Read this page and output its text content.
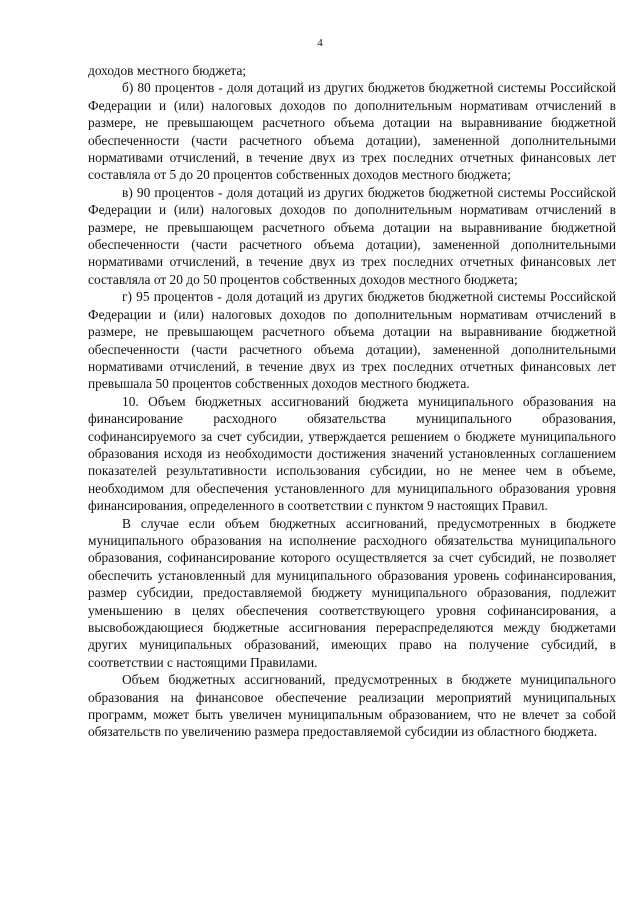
4

доходов местного бюджета;

б) 80 процентов - доля дотаций из других бюджетов бюджетной системы Российской Федерации и (или) налоговых доходов по дополнительным нормативам отчислений в размере, не превышающем расчетного объема дотации на выравнивание бюджетной обеспеченности (части расчетного объема дотации), замененной дополнительными нормативами отчислений, в течение двух из трех последних отчетных финансовых лет составляла от 5 до 20 процентов собственных доходов местного бюджета;

в) 90 процентов - доля дотаций из других бюджетов бюджетной системы Российской Федерации и (или) налоговых доходов по дополнительным нормативам отчислений в размере, не превышающем расчетного объема дотации на выравнивание бюджетной обеспеченности (части расчетного объема дотации), замененной дополнительными нормативами отчислений, в течение двух из трех последних отчетных финансовых лет составляла от 20 до 50 процентов собственных доходов местного бюджета;

г) 95 процентов - доля дотаций из других бюджетов бюджетной системы Российской Федерации и (или) налоговых доходов по дополнительным нормативам отчислений в размере, не превышающем расчетного объема дотации на выравнивание бюджетной обеспеченности (части расчетного объема дотации), замененной дополнительными нормативами отчислений, в течение двух из трех последних отчетных финансовых лет превышала 50 процентов собственных доходов местного бюджета.

10. Объем бюджетных ассигнований бюджета муниципального образования на финансирование расходного обязательства муниципального образования, софинансируемого за счет субсидии, утверждается решением о бюджете муниципального образования исходя из необходимости достижения значений установленных соглашением показателей результативности использования субсидии, но не менее чем в объеме, необходимом для обеспечения установленного для муниципального образования уровня финансирования, определенного в соответствии с пунктом 9 настоящих Правил.

В случае если объем бюджетных ассигнований, предусмотренных в бюджете муниципального образования на исполнение расходного обязательства муниципального образования, софинансирование которого осуществляется за счет субсидий, не позволяет обеспечить установленный для муниципального образования уровень софинансирования, размер субсидии, предоставляемой бюджету муниципального образования, подлежит уменьшению в целях обеспечения соответствующего уровня софинансирования, а высвобождающиеся бюджетные ассигнования перераспределяются между бюджетами других муниципальных образований, имеющих право на получение субсидий, в соответствии с настоящими Правилами.

Объем бюджетных ассигнований, предусмотренных в бюджете муниципального образования на финансовое обеспечение реализации мероприятий муниципальных программ, может быть увеличен муниципальным образованием, что не влечет за собой обязательств по увеличению размера предоставляемой субсидии из областного бюджета.
